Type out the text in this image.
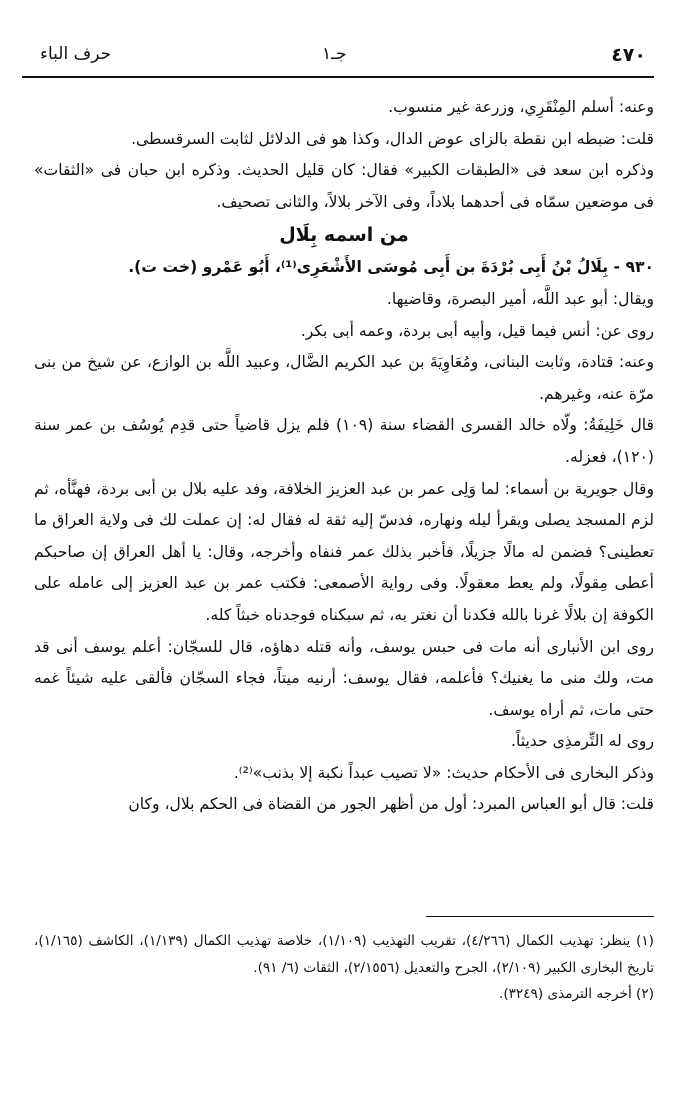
٤٧٠
جـ١
حرف الباء

وعنه: أسلم المِنْقَرِي، وزرعة غير منسوب.

قلت: ضبطه ابن نقطة بالزاى عوض الدال، وكذا هو فى الدلائل لثابت السرقسطى.

وذكره ابن سعد فى «الطبقات الكبير» فقال: كان قليل الحديث. وذكره ابن حبان فى «الثقات» فى موضعين سمّاه فى أحدهما بلاداً، وفى الآخر بلالاً، والثانى تصحيف.

من اسمه بِلَال

٩٣٠ - بِلَالُ بْنُ أَبِى بُرْدَةَ بن أَبِى مُوسَى الأَشْعَرِى⁽¹⁾، أَبُو عَمْرو (خت ت).

ويقال: أبو عبد اللَّه، أمير البصرة، وقاضيها.

روى عن: أنس فيما قيل، وأبيه أبى بردة، وعمه أبى بكر.

وعنه: قتادة، وثابت البنانى، ومُعَاوِيَةَ بن عبد الكريم الضَّال، وعبيد اللَّه بن الوازع، عن شيخ من بنى مرّة عنه، وغيرهم.

قال خَلِيفَةُ: ولّاه خالد القسرى القضاء سنة (١٠٩) فلم يزل قاضياً حتى قدِم يُوسُف بن عمر سنة (١٢٠)، فعزله.

وقال جويرية بن أسماء: لما وَلِى عمر بن عبد العزيز الخلافة، وفد عليه بلال بن أبى بردة، فهنَّأه، ثم لزم المسجد يصلى ويقرأ ليله ونهاره، فدسّ إليه ثقة له فقال له: إن عملت لك فى ولاية العراق ما تعطينى؟ فضمن له مالًا جزيلًا، فأخبر بذلك عمر فنفاه وأخرجه، وقال: يا أهل العراق إن صاحبكم أعطى مِقولًا، ولم يعط معقولًا. وفى رواية الأصمعى: فكتب عمر بن عبد العزيز إلى عامله على الكوفة إن بلالًا غرنا بالله فكدنا أن نغتر به، ثم سبكناه فوجدناه خبثاً كله.

روى ابن الأنبارى أنه مات فى حبس يوسف، وأنه قتله دهاؤه، قال للسجّان: أعلم يوسف أنى قد مت، ولك منى ما يغنيك؟ فأعلمه، فقال يوسف: أرنيه ميتاً، فجاء السجّان فألقى عليه شيئاً غمه حتى مات، ثم أراه يوسف.

روى له التِّرمذِى حديثاً.

وذكر البخارى فى الأحكام حديث: «لا تصيب عبداً نكبة إلا بذنب»⁽²⁾.

قلت: قال أبو العباس المبرد: أول من أظهر الجور من القضاة فى الحكم بلال، وكان

(١) ينظر: تهذيب الكمال (٤/٢٦٦)، تقريب التهذيب (١/١٠٩)، خلاصة تهذيب الكمال (١/١٣٩)، الكاشف (١/١٦٥)، تاريخ البخارى الكبير (٢/١٠٩)، الجرح والتعديل (٢/١٥٥٦)، الثقات (٦/ ٩١).

(٢) أخرجه الترمذى (٣٢٤٩).
